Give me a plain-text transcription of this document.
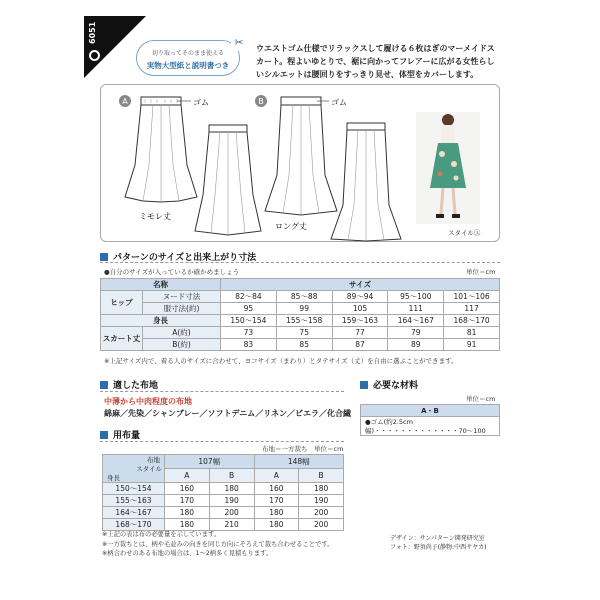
6051
切り取ってそのまま使える
実物大型紙と説明書つき
✂	ウエストゴム仕様でリラックスして履ける６枚はぎのマーメイドスカート。程よいゆとりで、裾に向かってフレアーに広がる女性らしいシルエットは腰回りをすっきり見せ、体型をカバーします。
A	B
ゴム
ミモレ丈
ゴム
ロング丈
スタイルⒶ
パターンのサイズと出来上がり寸法
●自分のサイズが入っているか確かめましょう	単位＝cm
名称		サイズ				
ヒップ	ヌード寸法	82〜84	85〜88	89〜94	95〜100	101〜106
	服寸法(約)	95	99	105	111	117
身長		150〜154	155〜158	159〜163	164〜167	168〜170
スカート丈	A(約)	73	75	77	79	81
	B(約)	83	85	87	89	91
※上記サイズ内で、着る人のサイズに合わせて、ヨコサイズ（まわり）とタテサイズ（丈）を自由に選ぶことができます。
適した布地
中薄から中肉程度の布地
綿麻／先染／シャンブレー／ソフトデニム／リネン／ビエラ／化合繊
必要な材料
単位＝cm
A・B
●ゴム(約2.5cm幅)・・・・・・・・・・・・・70〜100
用布量
布地＝一方裁ち　単位＝cm
布地
スタイル
身長	107幅		148幅	
	A	B	A	B
150〜154	160	180	160	180
155〜163	170	190	170	190
164〜167	180	200	180	200
168〜170	180	210	180	200
※上記の表は布の必要量を示しています。
※一方裁ちとは、柄や毛並みの向きを同じ方向にそろえて裁ち合わせることです。
※柄合わせのある布地の場合は、1〜2柄多く見積もります。
デザイン：サンパターン開発研究室
フォト：野須尚子(静物:中西サヤカ)
